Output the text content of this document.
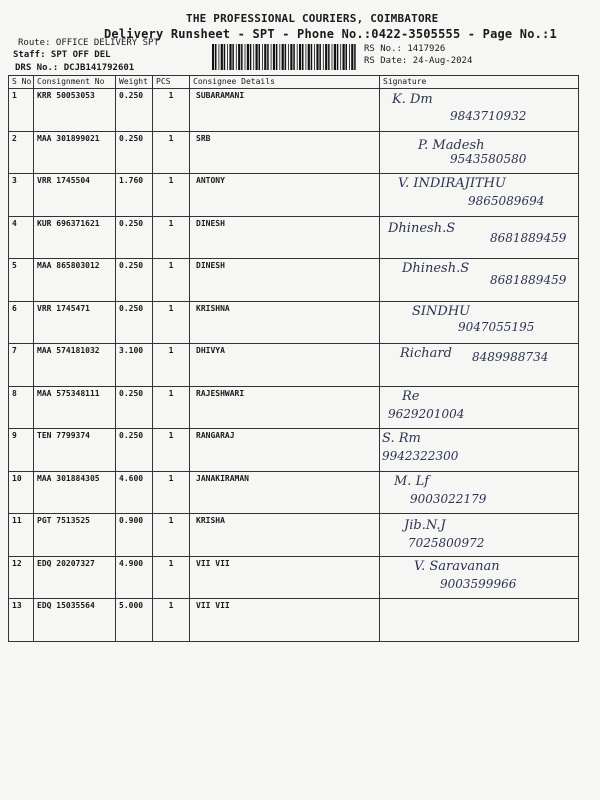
THE PROFESSIONAL COURIERS, COIMBATORE
Delivery Runsheet - SPT - Phone No.:0422-3505555 - Page No.:1
Route: OFFICE DELIVERY SPT
Staff: SPT OFF DEL
DRS No.: DCJB141792601
RS No.: 1417926
RS Date: 24-Aug-2024
S No	Consignment No	Weight	PCS	Consignee Details	Signature
1	KRR 50053053	0.250	1	SUBARAMANI	K. Dm
9843710932

2	MAA 301899021	0.250	1	SRB	P. Madesh
9543580580

3	VRR 1745504	1.760	1	ANTONY	V. INDIRAJITHU
9865089694

4	KUR 696371621	0.250	1	DINESH	Dhinesh.S
8681889459

5	MAA 865803012	0.250	1	DINESH	Dhinesh.S
8681889459

6	VRR 1745471	0.250	1	KRISHNA	SINDHU
9047055195

7	MAA 574181032	3.100	1	DHIVYA	Richard 8489988734

8	MAA 575348111	0.250	1	RAJESHWARI	Re
9629201004

9	TEN 7799374	0.250	1	RANGARAJ	S. Rm
9942322300

10	MAA 301884305	4.600	1	JANAKIRAMAN	M. Lf
9003022179

11	PGT 7513525	0.900	1	KRISHA	Jib.N.J
7025800972

12	EDQ 20207327	4.900	1	VII VII	V. Saravanan
9003599966

13	EDQ 15035564	5.000	1	VII VII	
